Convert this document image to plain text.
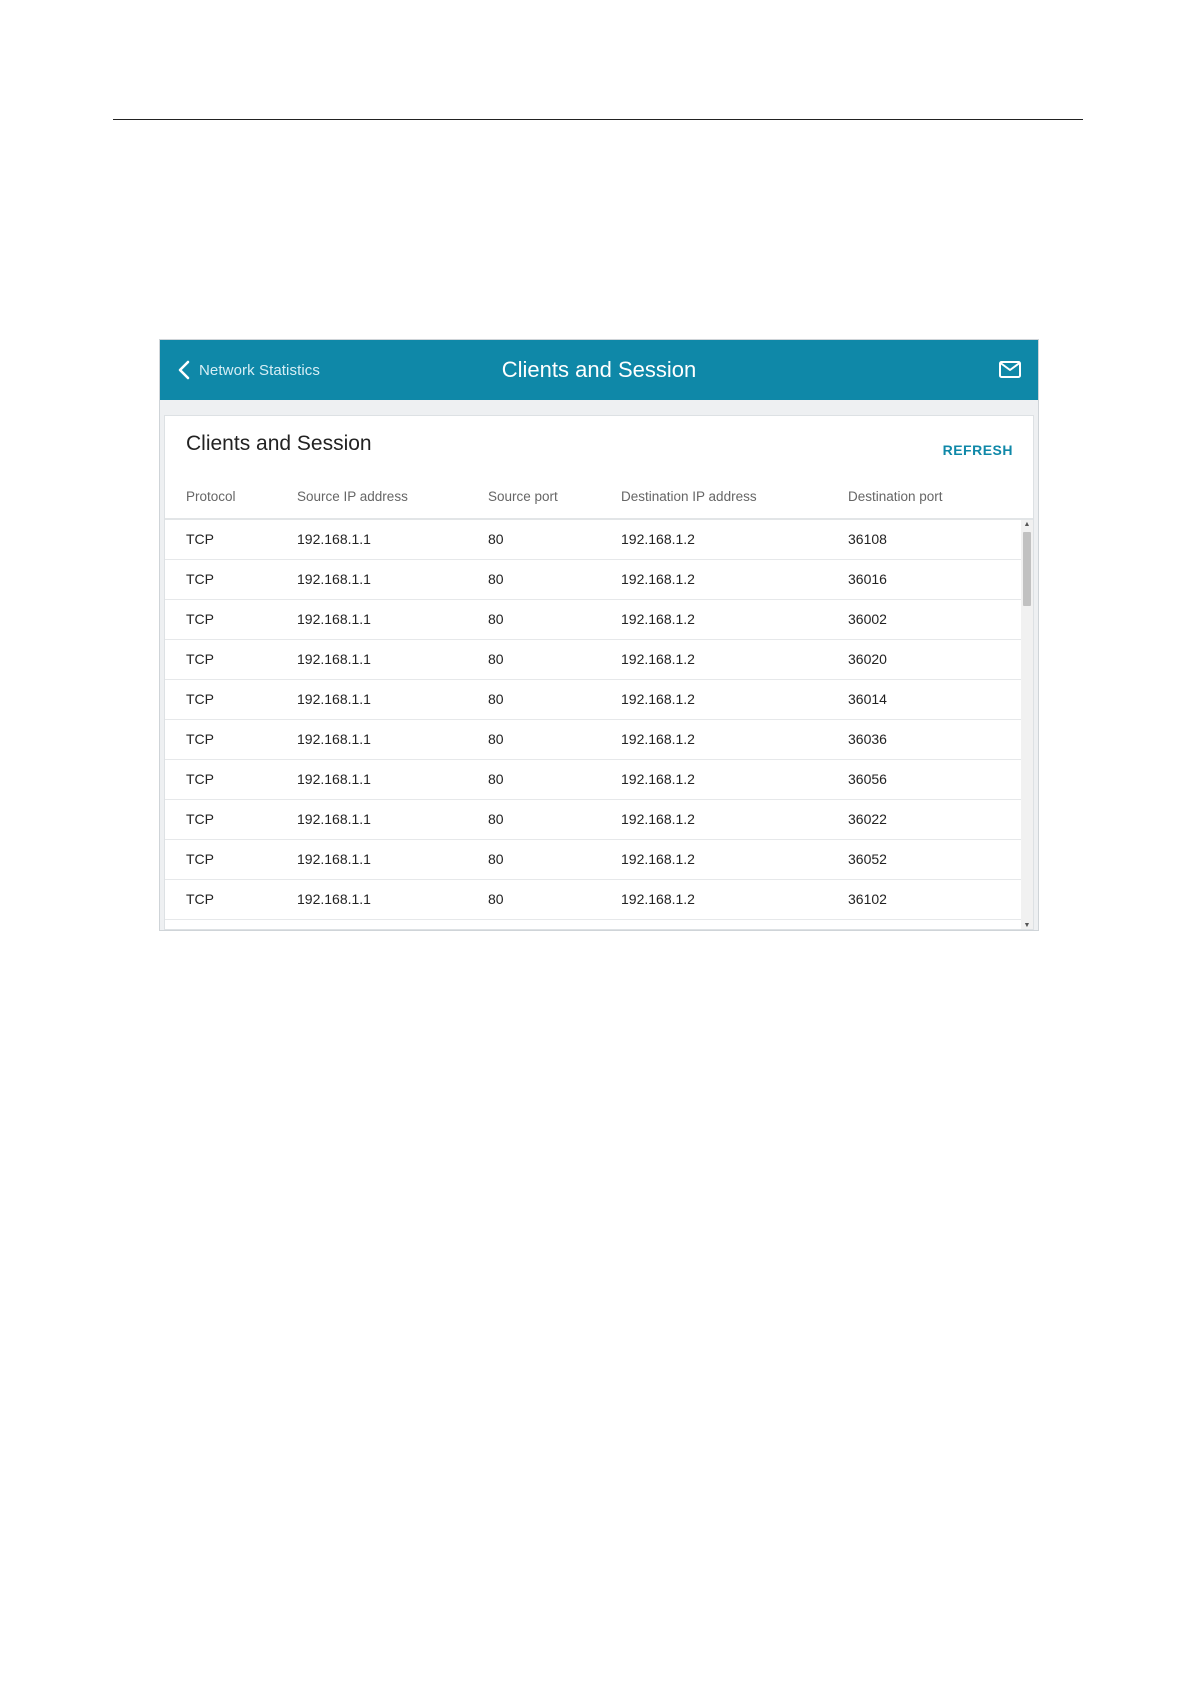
Network Statistics	Clients and Session
Clients and Session	REFRESH
Protocol	Source IP address	Source port	Destination IP address	Destination port
TCP	192.168.1.1	80	192.168.1.2	36108
TCP	192.168.1.1	80	192.168.1.2	36016
TCP	192.168.1.1	80	192.168.1.2	36002
TCP	192.168.1.1	80	192.168.1.2	36020
TCP	192.168.1.1	80	192.168.1.2	36014
TCP	192.168.1.1	80	192.168.1.2	36036
TCP	192.168.1.1	80	192.168.1.2	36056
TCP	192.168.1.1	80	192.168.1.2	36022
TCP	192.168.1.1	80	192.168.1.2	36052
TCP	192.168.1.1	80	192.168.1.2	36102
▲
▼
